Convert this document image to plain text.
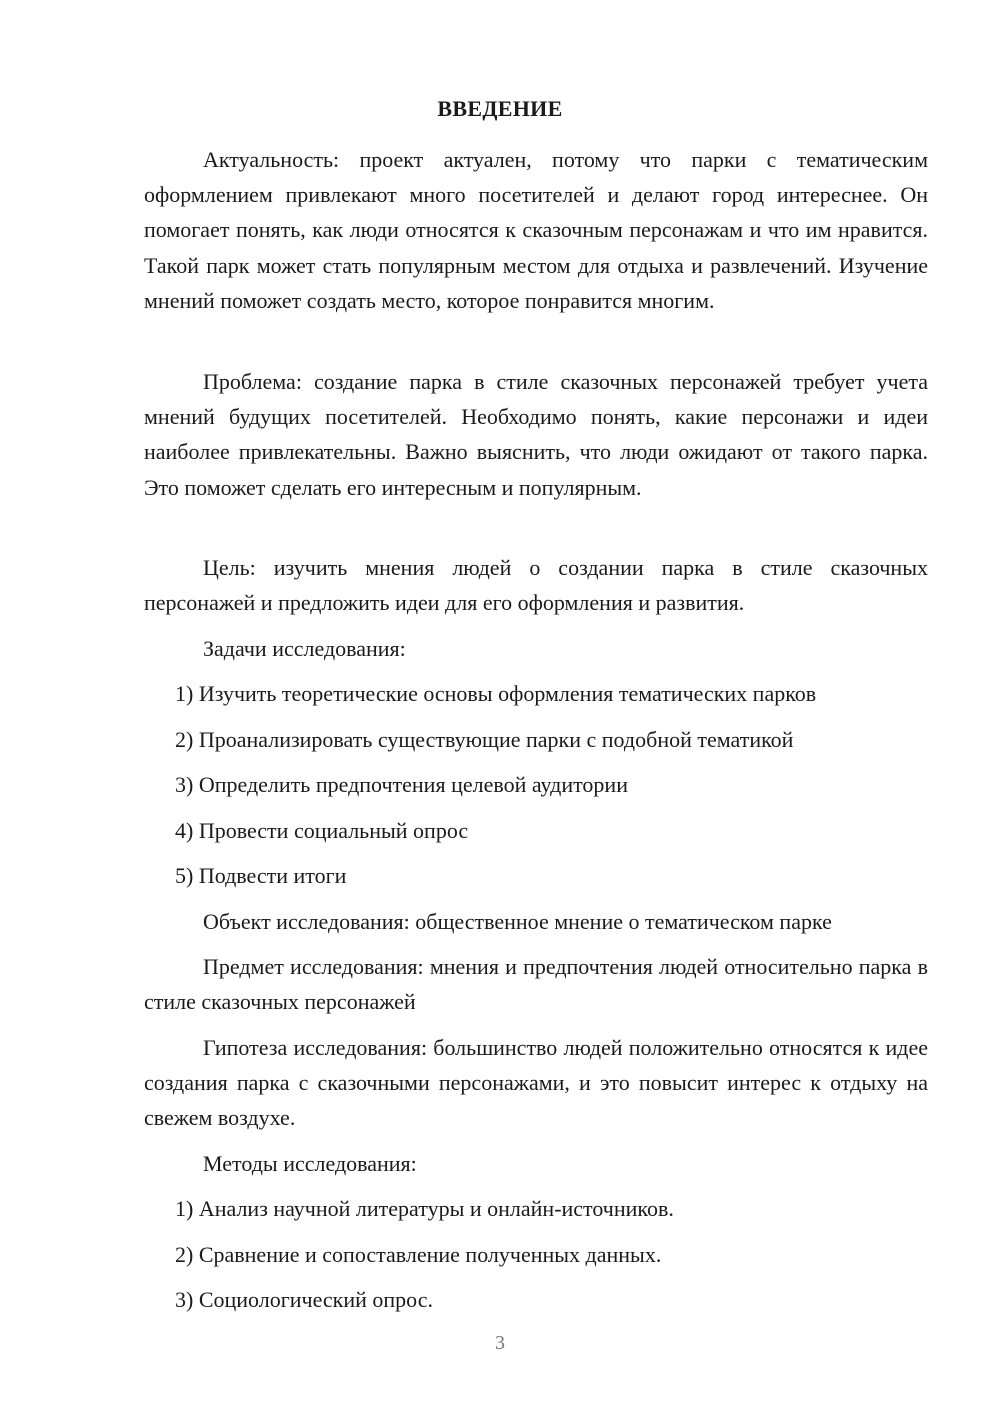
ВВЕДЕНИЕ

Актуальность: проект актуален, потому что парки с тематическим оформлением привлекают много посетителей и делают город интереснее. Он помогает понять, как люди относятся к сказочным персонажам и что им нравится. Такой парк может стать популярным местом для отдыха и развлечений. Изучение мнений поможет создать место, которое понравится многим.

Проблема: создание парка в стиле сказочных персонажей требует учета мнений будущих посетителей. Необходимо понять, какие персонажи и идеи наиболее привлекательны. Важно выяснить, что люди ожидают от такого парка. Это поможет сделать его интересным и популярным.

Цель: изучить мнения людей о создании парка в стиле сказочных персонажей и предложить идеи для его оформления и развития.

Задачи исследования:

1) Изучить теоретические основы оформления тематических парков

2) Проанализировать существующие парки с подобной тематикой

3) Определить предпочтения целевой аудитории

4) Провести социальный опрос

5) Подвести итоги

Объект исследования: общественное мнение о тематическом парке

Предмет исследования: мнения и предпочтения людей относительно парка в стиле сказочных персонажей

Гипотеза исследования: большинство людей положительно относятся к идее создания парка с сказочными персонажами, и это повысит интерес к отдыху на свежем воздухе.

Методы исследования:

1) Анализ научной литературы и онлайн-источников.

2) Сравнение и сопоставление полученных данных.

3) Социологический опрос.

3
